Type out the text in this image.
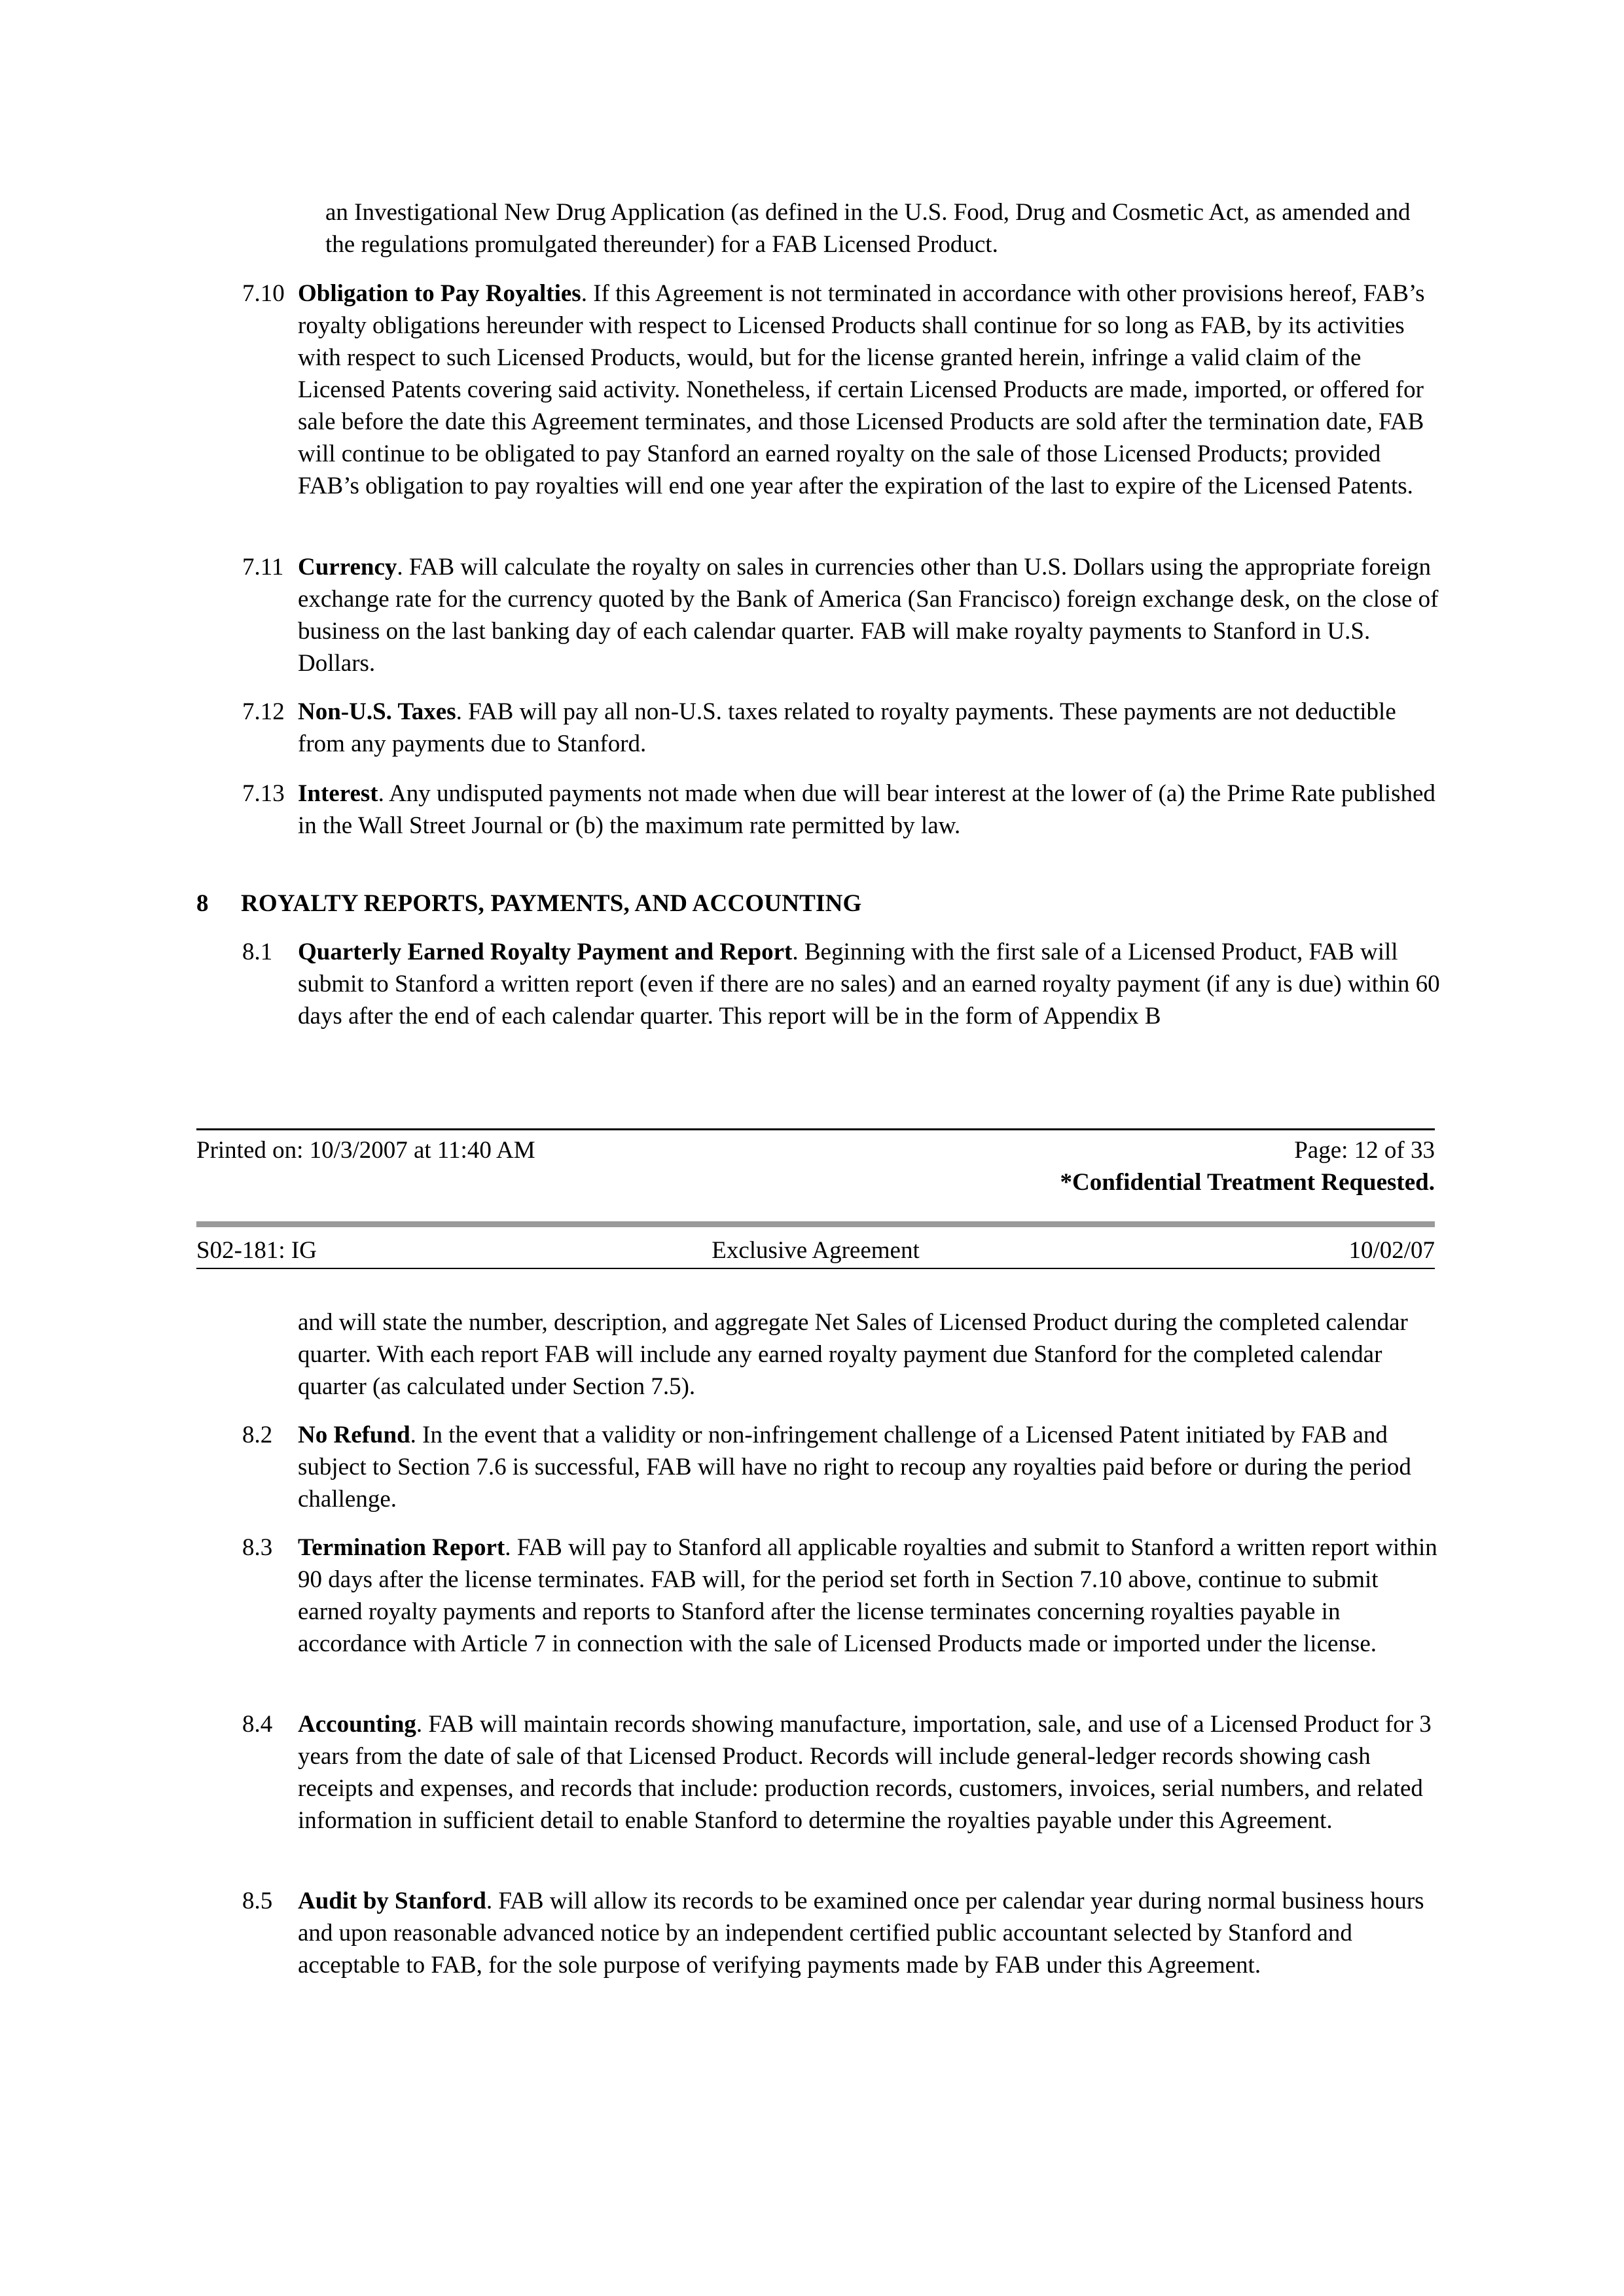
an Investigational New Drug Application (as defined in the U.S. Food, Drug and Cosmetic Act, as amended and the regulations promulgated thereunder) for a FAB Licensed Product.

7.10 Obligation to Pay Royalties. If this Agreement is not terminated in accordance with other provisions hereof, FAB’s royalty obligations hereunder with respect to Licensed Products shall continue for so long as FAB, by its activities with respect to such Licensed Products, would, but for the license granted herein, infringe a valid claim of the Licensed Patents covering said activity. Nonetheless, if certain Licensed Products are made, imported, or offered for sale before the date this Agreement terminates, and those Licensed Products are sold after the termination date, FAB will continue to be obligated to pay Stanford an earned royalty on the sale of those Licensed Products; provided FAB’s obligation to pay royalties will end one year after the expiration of the last to expire of the Licensed Patents.
7.11 Currency. FAB will calculate the royalty on sales in currencies other than U.S. Dollars using the appropriate foreign exchange rate for the currency quoted by the Bank of America (San Francisco) foreign exchange desk, on the close of business on the last banking day of each calendar quarter. FAB will make royalty payments to Stanford in U.S. Dollars.
7.12 Non-U.S. Taxes. FAB will pay all non-U.S. taxes related to royalty payments. These payments are not deductible from any payments due to Stanford.
7.13 Interest. Any undisputed payments not made when due will bear interest at the lower of (a) the Prime Rate published in the Wall Street Journal or (b) the maximum rate permitted by law.
8 ROYALTY REPORTS, PAYMENTS, AND ACCOUNTING
8.1 Quarterly Earned Royalty Payment and Report. Beginning with the first sale of a Licensed Product, FAB will submit to Stanford a written report (even if there are no sales) and an earned royalty payment (if any is due) within 60 days after the end of each calendar quarter. This report will be in the form of Appendix B
Printed on: 10/3/2007 at 11:40 AM	Page: 12 of 33
*Confidential Treatment Requested.
S02-181: IG	Exclusive Agreement	10/02/07

and will state the number, description, and aggregate Net Sales of Licensed Product during the completed calendar quarter. With each report FAB will include any earned royalty payment due Stanford for the completed calendar quarter (as calculated under Section 7.5).

8.2 No Refund. In the event that a validity or non-infringement challenge of a Licensed Patent initiated by FAB and subject to Section 7.6 is successful, FAB will have no right to recoup any royalties paid before or during the period challenge.
8.3 Termination Report. FAB will pay to Stanford all applicable royalties and submit to Stanford a written report within 90 days after the license terminates. FAB will, for the period set forth in Section 7.10 above, continue to submit earned royalty payments and reports to Stanford after the license terminates concerning royalties payable in accordance with Article 7 in connection with the sale of Licensed Products made or imported under the license.
8.4 Accounting. FAB will maintain records showing manufacture, importation, sale, and use of a Licensed Product for 3 years from the date of sale of that Licensed Product. Records will include general-ledger records showing cash receipts and expenses, and records that include: production records, customers, invoices, serial numbers, and related information in sufficient detail to enable Stanford to determine the royalties payable under this Agreement.
8.5 Audit by Stanford. FAB will allow its records to be examined once per calendar year during normal business hours and upon reasonable advanced notice by an independent certified public accountant selected by Stanford and acceptable to FAB, for the sole purpose of verifying payments made by FAB under this Agreement.
